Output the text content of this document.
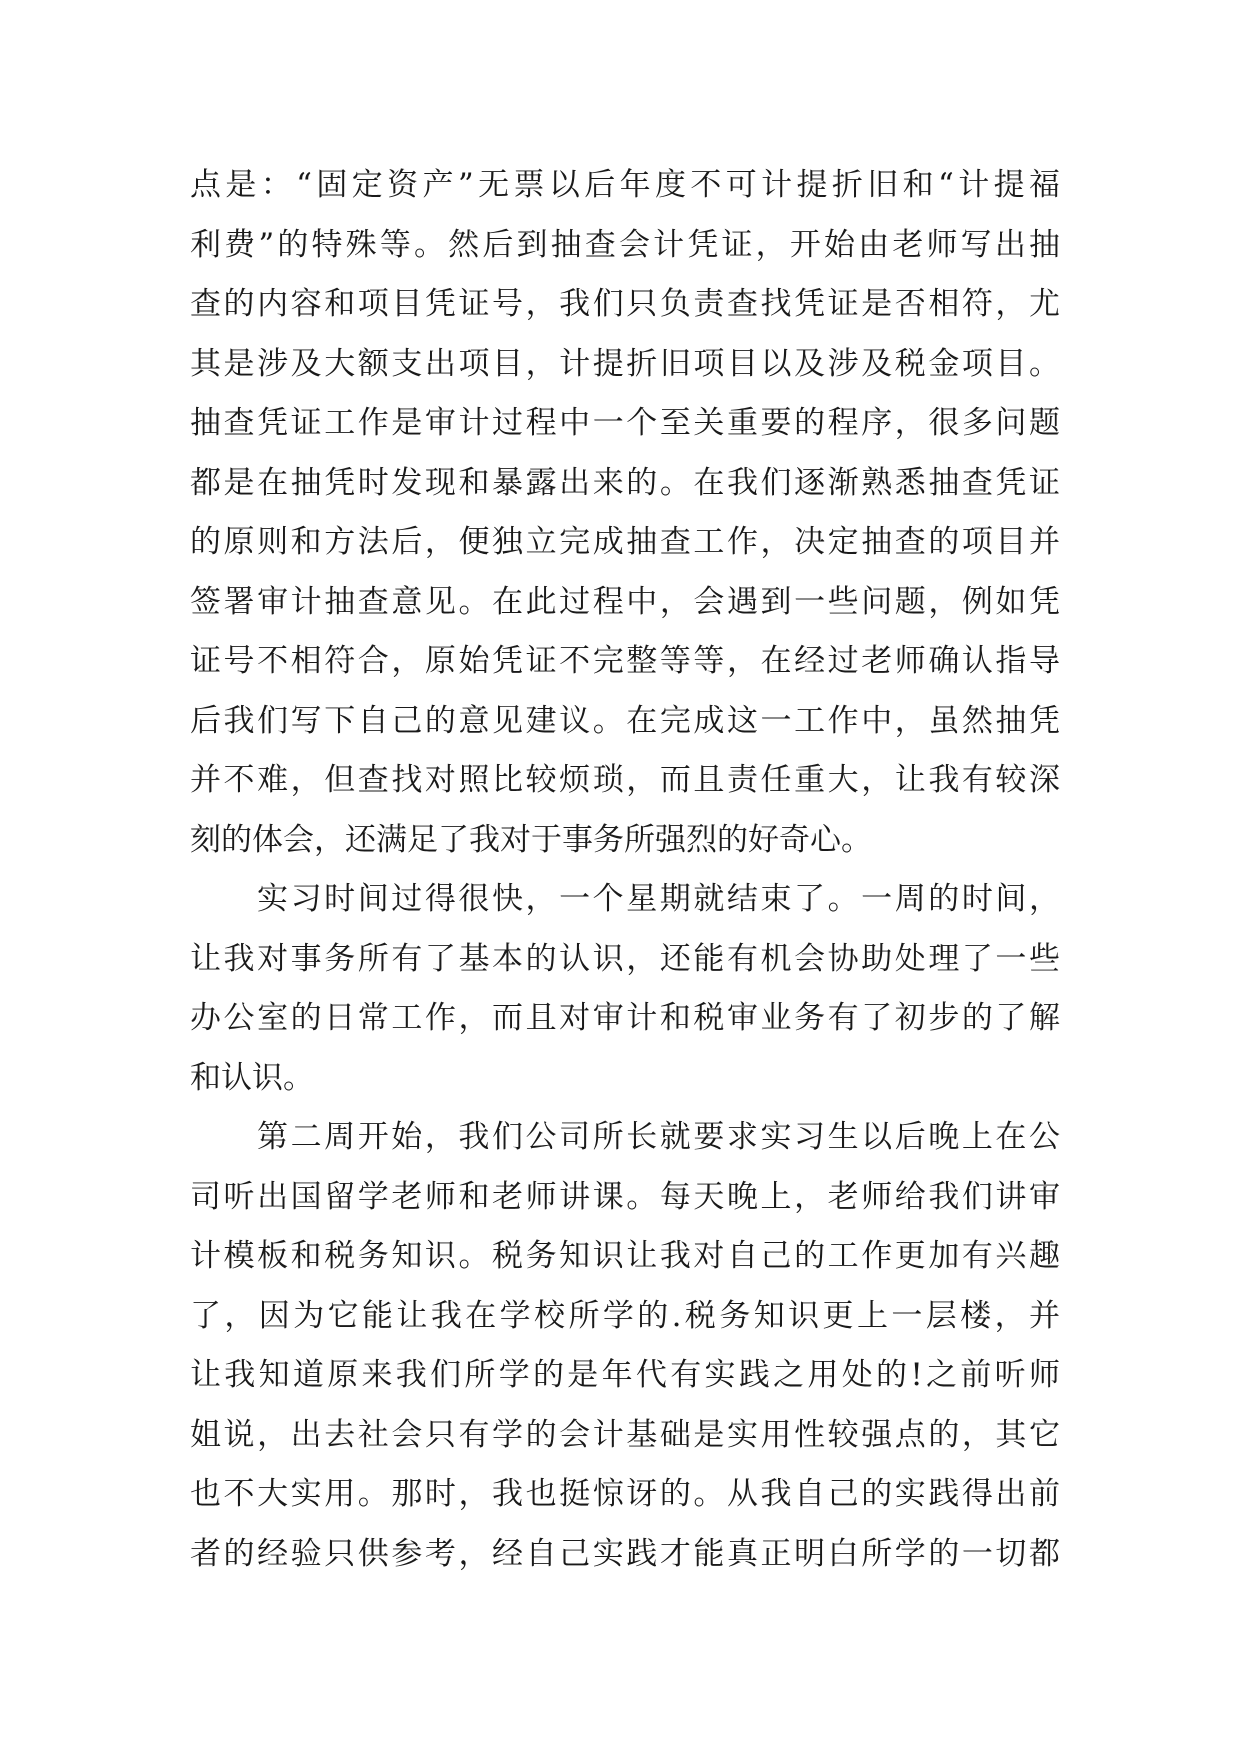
点是：“固定资产”无票以后年度不可计提折旧和“计提福
利费”的特殊等。然后到抽查会计凭证，开始由老师写出抽
查的内容和项目凭证号，我们只负责查找凭证是否相符，尤
其是涉及大额支出项目，计提折旧项目以及涉及税金项目。
抽查凭证工作是审计过程中一个至关重要的程序，很多问题
都是在抽凭时发现和暴露出来的。在我们逐渐熟悉抽查凭证
的原则和方法后，便独立完成抽查工作，决定抽查的项目并
签署审计抽查意见。在此过程中，会遇到一些问题，例如凭
证号不相符合，原始凭证不完整等等，在经过老师确认指导
后我们写下自己的意见建议。在完成这一工作中，虽然抽凭
并不难，但查找对照比较烦琐，而且责任重大，让我有较深
刻的体会，还满足了我对于事务所强烈的好奇心。
实习时间过得很快，一个星期就结束了。一周的时间，
让我对事务所有了基本的认识，还能有机会协助处理了一些
办公室的日常工作，而且对审计和税审业务有了初步的了解
和认识。
第二周开始，我们公司所长就要求实习生以后晚上在公
司听出国留学老师和老师讲课。每天晚上，老师给我们讲审
计模板和税务知识。税务知识让我对自己的工作更加有兴趣
了，因为它能让我在学校所学的.税务知识更上一层楼，并
让我知道原来我们所学的是年代有实践之用处的!之前听师
姐说，出去社会只有学的会计基础是实用性较强点的，其它
也不大实用。那时，我也挺惊讶的。从我自己的实践得出前
者的经验只供参考，经自己实践才能真正明白所学的一切都
